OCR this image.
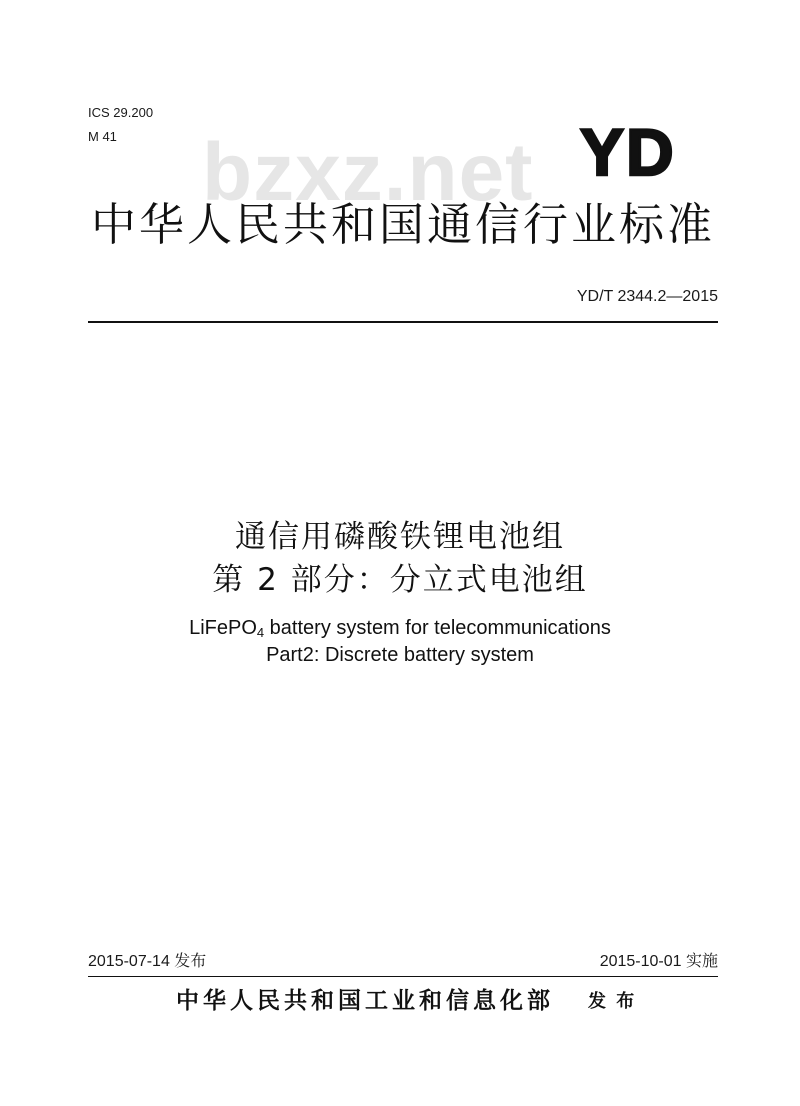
ICS 29.200
M 41 bzxz.net YD
中华人民共和国通信行业标准
YD/T 2344.2—2015
通信用磷酸铁锂电池组
第 2 部分：分立式电池组
LiFePO$_4$ battery system for telecommunications
Part2: Discrete battery system
2015-07-14 发布	2015-10-01 实施
中华人民共和国工业和信息化部 发 布
